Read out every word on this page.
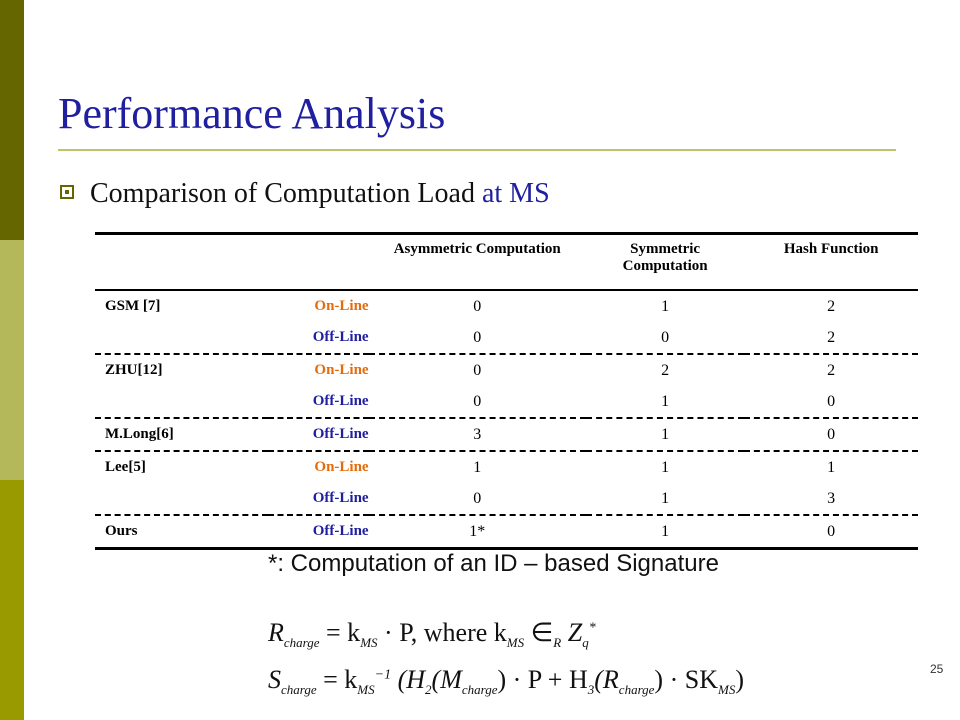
Performance Analysis
Comparison of Computation Load at MS
		Asymmetric Computation	Symmetric Computation	Hash Function
GSM [7]	On-Line	0	1	2
	Off-Line	0	0	2
ZHU[12]	On-Line	0	2	2
	Off-Line	0	1	0
M.Long[6]	Off-Line	3	1	0
Lee[5]	On-Line	1	1	1
	Off-Line	0	1	3
Ours	Off-Line	1*	1	0
*: Computation of an ID – based Signature
$R_{charge} = k_{MS} \cdot P$, where $k_{MS}$ $\in_R$ $Z_q^*$
$S_{charge} = k_{MS}^{-1}$ $(H_2(M_{charge}) \cdot P + H_3(R_{charge}) \cdot SK_{MS})$	25
